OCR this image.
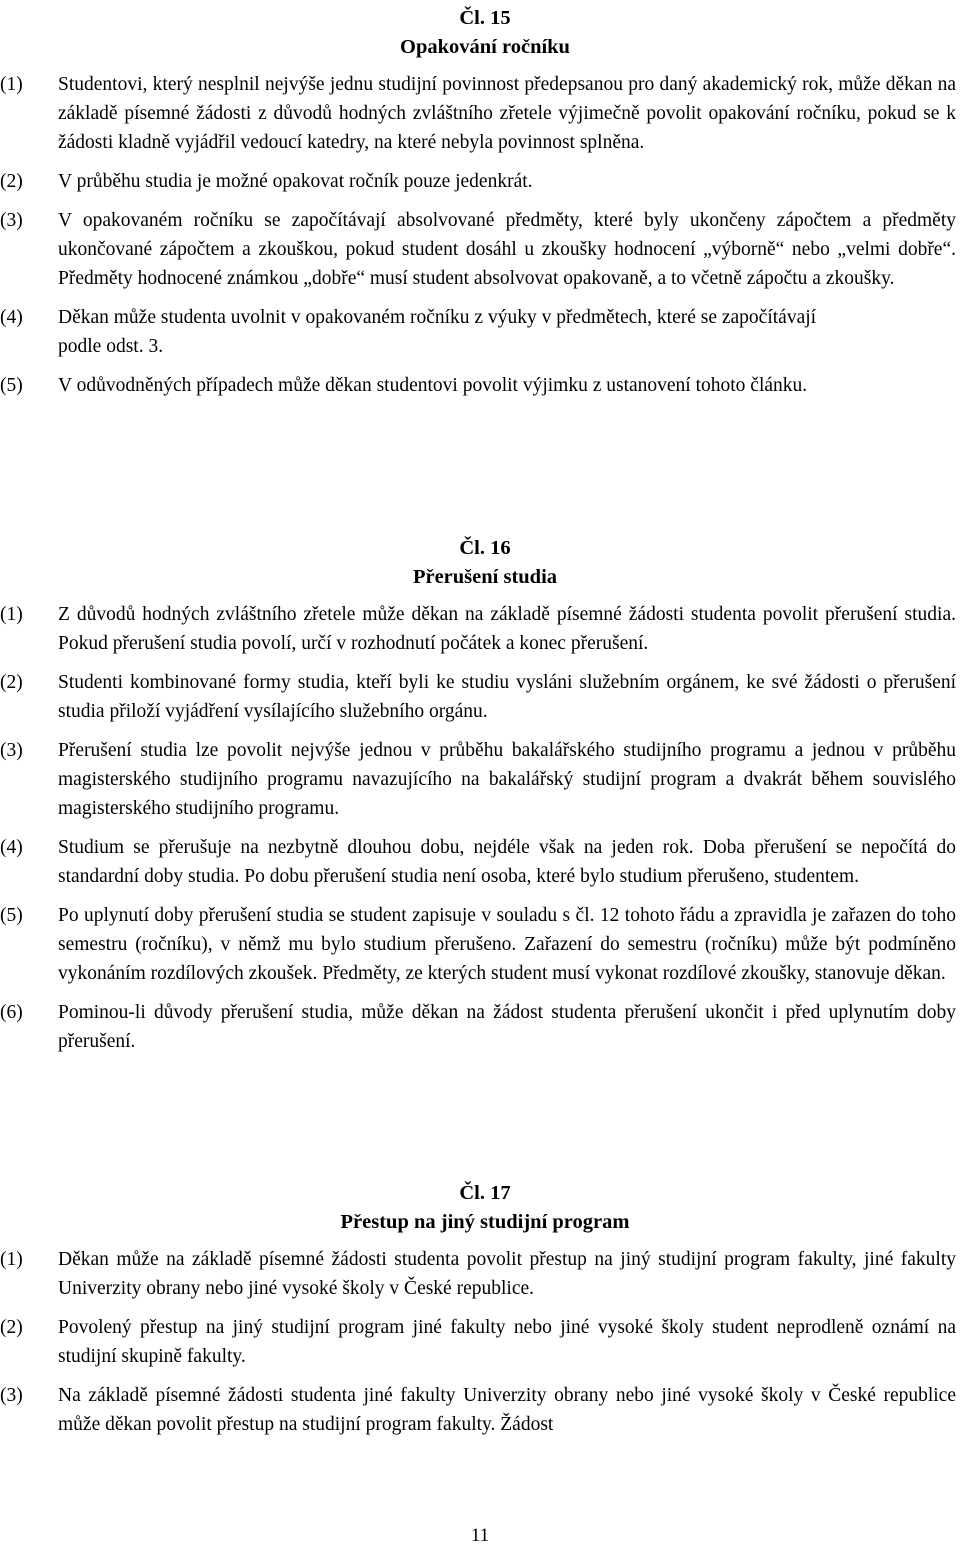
Čl. 15
Opakování ročníku
(1)	Studentovi, který nesplnil nejvýše jednu studijní povinnost předepsanou pro daný akademický rok, může děkan na základě písemné žádosti z důvodů hodných zvláštního zřetele výjimečně povolit opakování ročníku, pokud se k žádosti kladně vyjádřil vedoucí katedry, na které nebyla povinnost splněna.
(2)	V průběhu studia je možné opakovat ročník pouze jedenkrát.
(3)	V opakovaném ročníku se započítávají absolvované předměty, které byly ukončeny zápočtem a předměty ukončované zápočtem a zkouškou, pokud student dosáhl u zkoušky hodnocení „výborně“ nebo „velmi dobře“. Předměty hodnocené známkou „dobře“ musí student absolvovat opakovaně, a to včetně zápočtu a zkoušky.
(4)	Děkan může studenta uvolnit v opakovaném ročníku z výuky v předmětech, které se započítávají podle odst. 3.
(5)	V odůvodněných případech může děkan studentovi povolit výjimku z ustanovení tohoto článku.
Čl. 16
Přerušení studia
(1)	Z důvodů hodných zvláštního zřetele může děkan na základě písemné žádosti studenta povolit přerušení studia. Pokud přerušení studia povolí, určí v rozhodnutí počátek a konec přerušení.
(2)	Studenti kombinované formy studia, kteří byli ke studiu vysláni služebním orgánem, ke své žádosti o přerušení studia přiloží vyjádření vysílajícího služebního orgánu.
(3)	Přerušení studia lze povolit nejvýše jednou v průběhu bakalářského studijního programu a jednou v průběhu magisterského studijního programu navazujícího na bakalářský studijní program a dvakrát během souvislého magisterského studijního programu.
(4)	Studium se přerušuje na nezbytně dlouhou dobu, nejdéle však na jeden rok. Doba přerušení se nepočítá do standardní doby studia. Po dobu přerušení studia není osoba, které bylo studium přerušeno, studentem.
(5)	Po uplynutí doby přerušení studia se student zapisuje v souladu s čl. 12 tohoto řádu a zpravidla je zařazen do toho semestru (ročníku), v němž mu bylo studium přerušeno. Zařazení do semestru (ročníku) může být podmíněno vykonáním rozdílových zkoušek. Předměty, ze kterých student musí vykonat rozdílové zkoušky, stanovuje děkan.
(6)	Pominou-li důvody přerušení studia, může děkan na žádost studenta přerušení ukončit i před uplynutím doby přerušení.
Čl. 17
Přestup na jiný studijní program
(1)	Děkan může na základě písemné žádosti studenta povolit přestup na jiný studijní program fakulty, jiné fakulty Univerzity obrany nebo jiné vysoké školy v České republice.
(2)	Povolený přestup na jiný studijní program jiné fakulty nebo jiné vysoké školy student neprodleně oznámí na studijní skupině fakulty.
(3)	Na základě písemné žádosti studenta jiné fakulty Univerzity obrany nebo jiné vysoké školy v České republice může děkan povolit přestup na studijní program fakulty. Žádost
11
